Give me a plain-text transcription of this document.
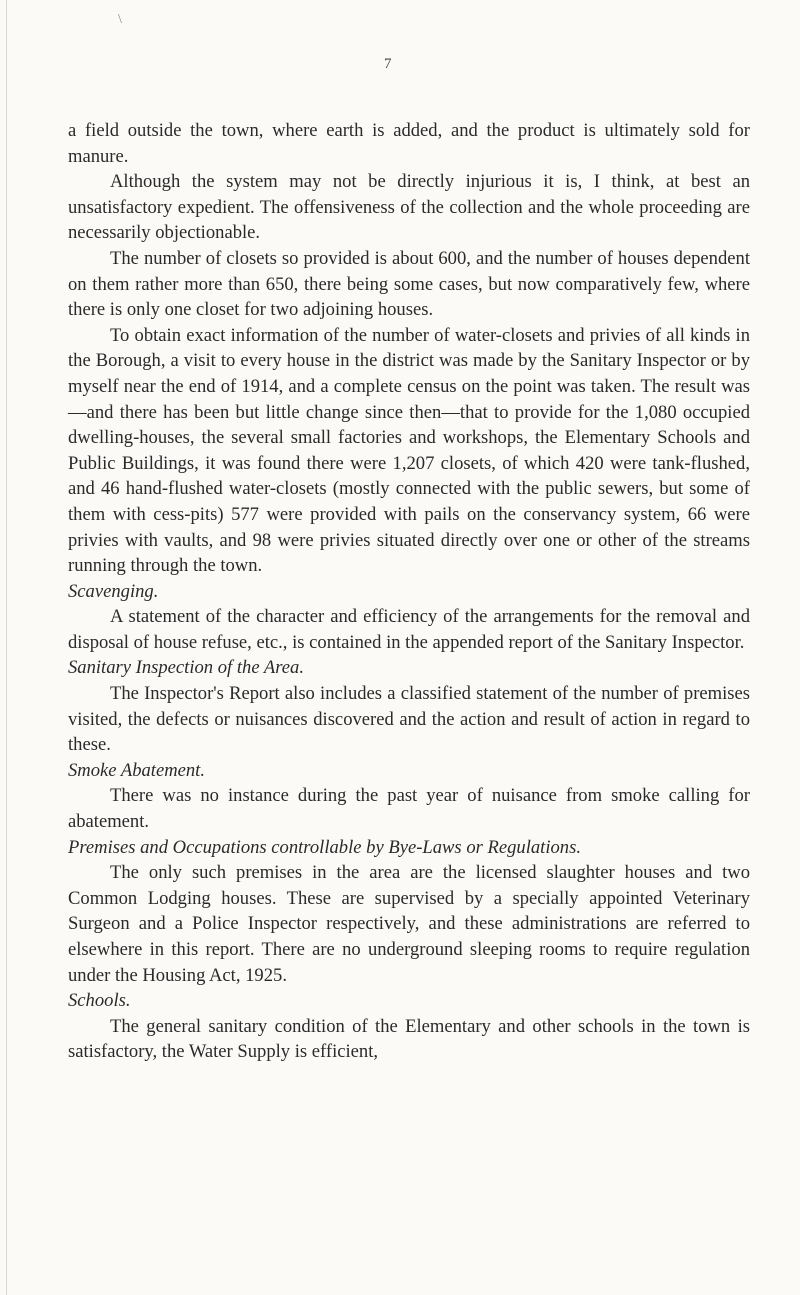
\
7

a field outside the town, where earth is added, and the product is ultimately sold for manure.

Although the system may not be directly injurious it is, I think, at best an unsatisfactory expedient. The offensiveness of the collection and the whole proceeding are necessarily objectionable.

The number of closets so provided is about 600, and the number of houses dependent on them rather more than 650, there being some cases, but now comparatively few, where there is only one closet for two adjoining houses.

To obtain exact information of the number of water-closets and privies of all kinds in the Borough, a visit to every house in the district was made by the Sanitary Inspector or by myself near the end of 1914, and a complete census on the point was taken. The result was—and there has been but little change since then—that to provide for the 1,080 occupied dwelling-houses, the several small factories and workshops, the Elementary Schools and Public Buildings, it was found there were 1,207 closets, of which 420 were tank-flushed, and 46 hand-flushed water-closets (mostly connected with the public sewers, but some of them with cess-pits) 577 were provided with pails on the conservancy system, 66 were privies with vaults, and 98 were privies situated directly over one or other of the streams running through the town.

Scavenging.

A statement of the character and efficiency of the arrangements for the removal and disposal of house refuse, etc., is contained in the appended report of the Sanitary Inspector.

Sanitary Inspection of the Area.

The Inspector's Report also includes a classified statement of the number of premises visited, the defects or nuisances discovered and the action and result of action in regard to these.

Smoke Abatement.

There was no instance during the past year of nuisance from smoke calling for abatement.

Premises and Occupations controllable by Bye-Laws or Regulations.

The only such premises in the area are the licensed slaughter houses and two Common Lodging houses. These are supervised by a specially appointed Veterinary Surgeon and a Police Inspector respectively, and these administrations are referred to elsewhere in this report. There are no underground sleeping rooms to require regulation under the Housing Act, 1925.

Schools.

The general sanitary condition of the Elementary and other schools in the town is satisfactory, the Water Supply is efficient,
